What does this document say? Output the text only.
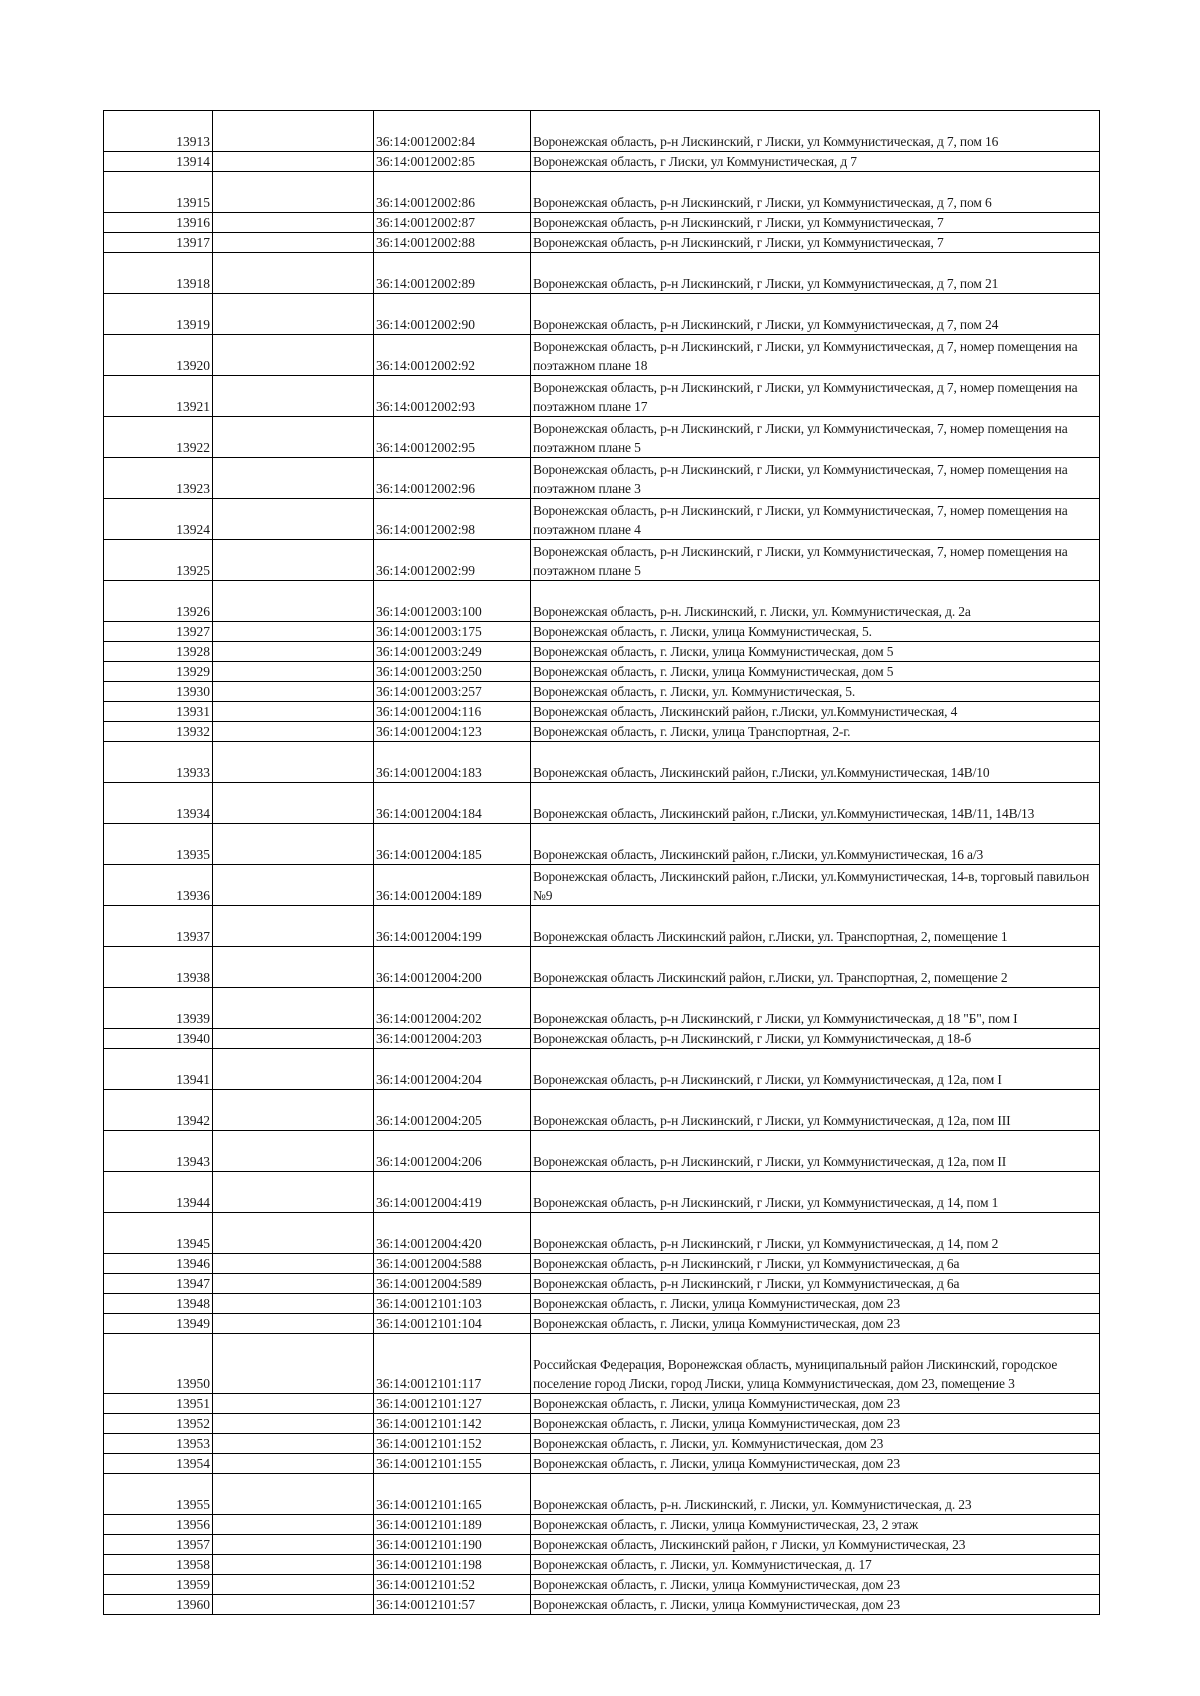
13913		36:14:0012002:84	Воронежская область, р-н Лискинский, г Лиски, ул Коммунистическая, д 7, пом 16
13914		36:14:0012002:85	Воронежская область, г Лиски, ул Коммунистическая, д 7
13915		36:14:0012002:86	Воронежская область, р-н Лискинский, г Лиски, ул Коммунистическая, д 7, пом 6
13916		36:14:0012002:87	Воронежская область, р-н Лискинский, г Лиски, ул Коммунистическая, 7
13917		36:14:0012002:88	Воронежская область, р-н Лискинский, г Лиски, ул Коммунистическая, 7
13918		36:14:0012002:89	Воронежская область, р-н Лискинский, г Лиски, ул Коммунистическая, д 7, пом 21
13919		36:14:0012002:90	Воронежская область, р-н Лискинский, г Лиски, ул Коммунистическая, д 7, пом 24
13920		36:14:0012002:92	Воронежская область, р-н Лискинский, г Лиски, ул Коммунистическая, д 7, номер помещения на поэтажном плане 18
13921		36:14:0012002:93	Воронежская область, р-н Лискинский, г Лиски, ул Коммунистическая, д 7, номер помещения на поэтажном плане 17
13922		36:14:0012002:95	Воронежская область, р-н Лискинский, г Лиски, ул Коммунистическая, 7, номер помещения на поэтажном плане 5
13923		36:14:0012002:96	Воронежская область, р-н Лискинский, г Лиски, ул Коммунистическая, 7, номер помещения на поэтажном плане 3
13924		36:14:0012002:98	Воронежская область, р-н Лискинский, г Лиски, ул Коммунистическая, 7, номер помещения на поэтажном плане 4
13925		36:14:0012002:99	Воронежская область, р-н Лискинский, г Лиски, ул Коммунистическая, 7, номер помещения на поэтажном плане 5
13926		36:14:0012003:100	Воронежская область, р-н. Лискинский, г. Лиски, ул. Коммунистическая, д. 2а
13927		36:14:0012003:175	Воронежская область, г. Лиски, улица Коммунистическая, 5.
13928		36:14:0012003:249	Воронежская область, г. Лиски, улица Коммунистическая, дом 5
13929		36:14:0012003:250	Воронежская область, г. Лиски, улица Коммунистическая, дом 5
13930		36:14:0012003:257	Воронежская область, г. Лиски, ул. Коммунистическая, 5.
13931		36:14:0012004:116	Воронежская область, Лискинский район, г.Лиски, ул.Коммунистическая, 4
13932		36:14:0012004:123	Воронежская область, г. Лиски, улица Транспортная, 2-г.
13933		36:14:0012004:183	Воронежская область, Лискинский район, г.Лиски, ул.Коммунистическая, 14В/10
13934		36:14:0012004:184	Воронежская область, Лискинский район, г.Лиски, ул.Коммунистическая, 14В/11, 14В/13
13935		36:14:0012004:185	Воронежская область, Лискинский район, г.Лиски, ул.Коммунистическая, 16 а/3
13936		36:14:0012004:189	Воронежская область, Лискинский район, г.Лиски, ул.Коммунистическая, 14-в, торговый павильон №9
13937		36:14:0012004:199	Воронежская область Лискинский район, г.Лиски, ул. Транспортная, 2, помещение 1
13938		36:14:0012004:200	Воронежская область Лискинский район, г.Лиски, ул. Транспортная, 2, помещение 2
13939		36:14:0012004:202	Воронежская область, р-н Лискинский, г Лиски, ул Коммунистическая, д 18 "Б", пом I
13940		36:14:0012004:203	Воронежская область, р-н Лискинский, г Лиски, ул Коммунистическая, д 18-б
13941		36:14:0012004:204	Воронежская область, р-н Лискинский, г Лиски, ул Коммунистическая, д 12а, пом I
13942		36:14:0012004:205	Воронежская область, р-н Лискинский, г Лиски, ул Коммунистическая, д 12а, пом III
13943		36:14:0012004:206	Воронежская область, р-н Лискинский, г Лиски, ул Коммунистическая, д 12а, пом II
13944		36:14:0012004:419	Воронежская область, р-н Лискинский, г Лиски, ул Коммунистическая, д 14, пом 1
13945		36:14:0012004:420	Воронежская область, р-н Лискинский, г Лиски, ул Коммунистическая, д 14, пом 2
13946		36:14:0012004:588	Воронежская область, р-н Лискинский, г Лиски, ул Коммунистическая, д 6а
13947		36:14:0012004:589	Воронежская область, р-н Лискинский, г Лиски, ул Коммунистическая, д 6а
13948		36:14:0012101:103	Воронежская область, г. Лиски, улица Коммунистическая, дом 23
13949		36:14:0012101:104	Воронежская область, г. Лиски, улица Коммунистическая, дом 23
13950		36:14:0012101:117	Российская Федерация, Воронежская область, муниципальный район Лискинский, городское поселение город Лиски, город Лиски, улица Коммунистическая, дом 23, помещение 3
13951		36:14:0012101:127	Воронежская область, г. Лиски, улица Коммунистическая, дом 23
13952		36:14:0012101:142	Воронежская область, г. Лиски, улица Коммунистическая, дом 23
13953		36:14:0012101:152	Воронежская область, г. Лиски, ул. Коммунистическая, дом 23
13954		36:14:0012101:155	Воронежская область, г. Лиски, улица Коммунистическая, дом 23
13955		36:14:0012101:165	Воронежская область, р-н. Лискинский, г. Лиски, ул. Коммунистическая, д. 23
13956		36:14:0012101:189	Воронежская область, г. Лиски, улица Коммунистическая, 23, 2 этаж
13957		36:14:0012101:190	Воронежская область, Лискинский район, г Лиски, ул Коммунистическая, 23
13958		36:14:0012101:198	Воронежская область, г. Лиски, ул. Коммунистическая, д. 17
13959		36:14:0012101:52	Воронежская область, г. Лиски, улица Коммунистическая, дом 23
13960		36:14:0012101:57	Воронежская область, г. Лиски, улица Коммунистическая, дом 23
